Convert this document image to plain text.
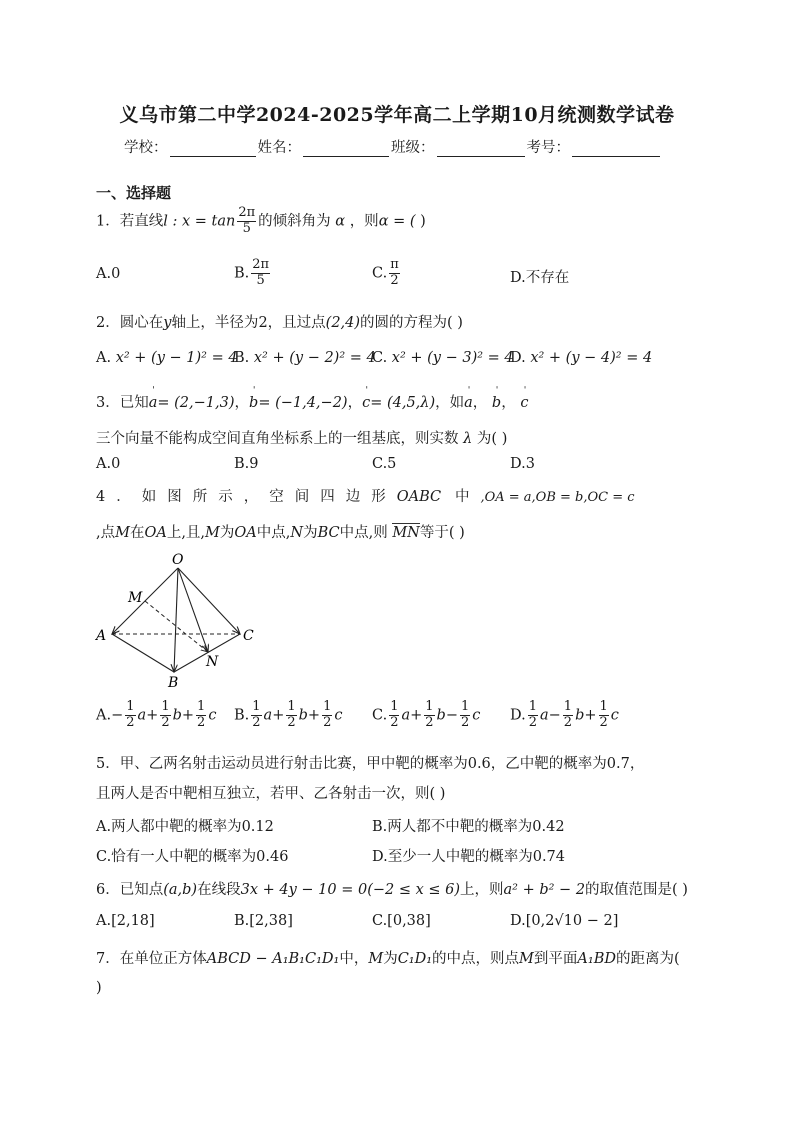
义乌市第二中学2024-2025学年高二上学期10月统测数学试卷
学校：	姓名：	班级：	考号：
一、选择题
1．若直线l : $x = \tan \frac{2\pi}{5}$ 的倾斜角为 α ，则α = ( )
A.0	B. $\frac{2\pi}{5}$	C. $\frac{\pi}{2}$	D.不存在
2．圆心在y轴上，半径为2，且过点(2,4)的圆的方程为( )
A. x² + (y − 1)² = 4
B. x² + (y − 2)² = 4
C. x² + (y − 3)² = 4
D. x² + (y − 4)² = 4
3．已知ˈ a= (2,−1,3)，ˈ b= (−1,4,−2)，ˈ c= (4,5,λ)，如ˈ a， ˈ b， ˈ c
三个向量不能构成空间直角坐标系上的一组基底，则实数 λ 为( )
A.0	B.9	C.5	D.3
4．如图所示，空间四边形OABC 中,OA = a,OB = b,OC = c
,点M在OA上,且,M为OA中点,N为BC中点,则 MN等于( )
O
M
A	C
N
B
$A.- \frac{1}{2} a+ \frac{1}{2} b+ \frac{1}{2}$ c B. $\frac{1}{2} a+ \frac{1}{2} b+ \frac{1}{2}$ c C. $\frac{1}{2} a+ \frac{1}{2} b- \frac{1}{2}$ c D. $\frac{1}{2} a- \frac{1}{2} b+ \frac{1}{2}$ c
5．甲、乙两名射击运动员进行射击比赛，甲中靶的概率为0.6，乙中靶的概率为0.7，
且两人是否中靶相互独立，若甲、乙各射击一次，则( )
A.两人都中靶的概率为0.12	B.两人都不中靶的概率为0.42
C.恰有一人中靶的概率为0.46	D.至少一人中靶的概率为0.74
6．已知点(a,b)在线段3x + 4y − 10 = 0(−2 ≤ x ≤ 6)上，则a² + b² − 2的取值范围是( )
A.[2,18]	B.[2,38]	C.[0,38]	D.[0,2√10 − 2]
7．在单位正方体ABCD − A₁B₁C₁D₁中，M为C₁D₁的中点，则点M到平面A₁BD的距离为(
)
